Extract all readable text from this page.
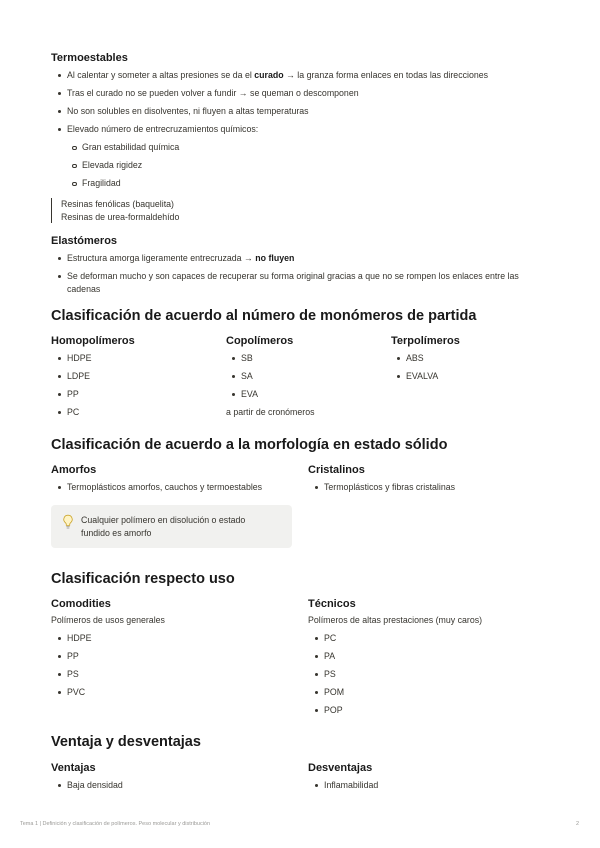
Termoestables
Al calentar y someter a altas presiones se da el curado → la granza forma enlaces en todas las direcciones
Tras el curado no se pueden volver a fundir → se queman o descomponen
No son solubles en disolventes, ni fluyen a altas temperaturas
Elevado número de entrecruzamientos químicos:
Gran estabilidad química
Elevada rigidez
Fragilidad
Resinas fenólicas (baquelita)
Resinas de urea-formaldehído
Elastómeros
Estructura amorga ligeramente entrecruzada → no fluyen
Se deforman mucho y son capaces de recuperar su forma original gracias a que no se rompen los enlaces entre las
cadenas
Clasificación de acuerdo al número de monómeros de partida
Homopolímeros
HDPE
LDPE
PP
PC
Copolímeros
SB
SA
EVA
a partir de cronómeros
Terpolímeros
ABS
EVALVA
Clasificación de acuerdo a la morfología en estado sólido
Amorfos
Termoplásticos amorfos, cauchos y termoestables
Cristalinos
Termoplásticos y fibras cristalinas
Cualquier polímero en disolución o estado
fundido es amorfo
Clasificación respecto uso
Comodities
Polímeros de usos generales
HDPE
PP
PS
PVC
Técnicos
Polímeros de altas prestaciones (muy caros)
PC
PA
PS
POM
POP
Ventaja y desventajas
Ventajas
Baja densidad
Desventajas
Inflamabilidad
Tema 1 | Definición y clasificación de polímeros. Peso molecular y distribución	2
